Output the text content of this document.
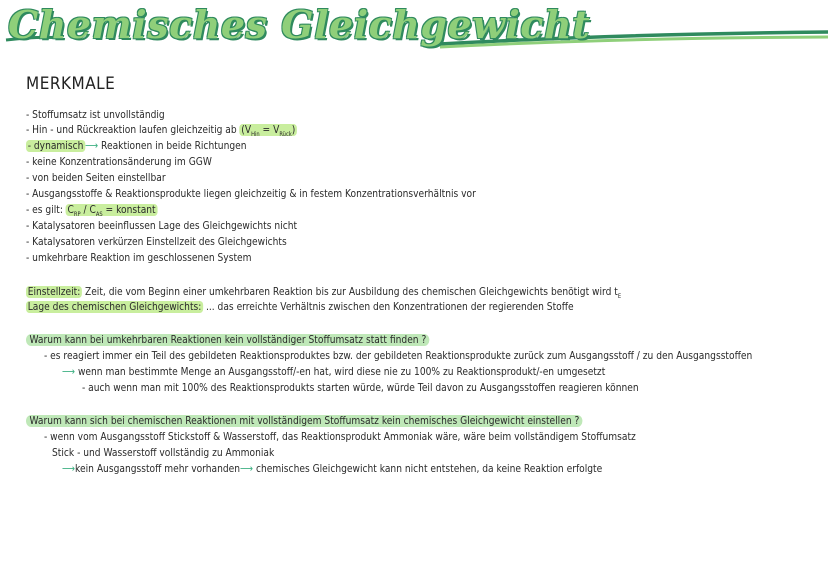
Chemisches Gleichgewicht
MERKMALE
- Stoffumsatz ist unvollständig
- Hin - und Rückreaktion laufen gleichzeitig ab $(V_{Hin} = V_{Rück})$
- dynamisch ⟶ Reaktionen in beide Richtungen
- keine Konzentrationsänderung im GGW
- von beiden Seiten einstellbar
- Ausgangsstoffe & Reaktionsprodukte liegen gleichzeitig & in festem Konzentrationsverhältnis vor
- es gilt: $C_{RP} / C_{AS}$ = konstant
- Katalysatoren beeinflussen Lage des Gleichgewichts nicht
- Katalysatoren verkürzen Einstellzeit des Gleichgewichts
- umkehrbare Reaktion im geschlossenen System
Einstellzeit: Zeit, die vom Beginn einer umkehrbaren Reaktion bis zur Ausbildung des chemischen Gleichgewichts benötigt wird $t_E$
Lage des chemischen Gleichgewichts: ... das erreichte Verhältnis zwischen den Konzentrationen der regierenden Stoffe
Warum kann bei umkehrbaren Reaktionen kein vollständiger Stoffumsatz statt finden ?
- es reagiert immer ein Teil des gebildeten Reaktionsproduktes bzw. der gebildeten Reaktionsprodukte zurück zum Ausgangsstoff / zu den Ausgangsstoffen
⟶ wenn man bestimmte Menge an Ausgangsstoff/-en hat, wird diese nie zu 100% zu Reaktionsprodukt/-en umgesetzt
- auch wenn man mit 100% des Reaktionsprodukts starten würde, würde Teil davon zu Ausgangsstoffen reagieren können
Warum kann sich bei chemischen Reaktionen mit vollständigem Stoffumsatz kein chemisches Gleichgewicht einstellen ?
- wenn vom Ausgangsstoff Stickstoff & Wasserstoff, das Reaktionsprodukt Ammoniak wäre, wäre beim vollständigem Stoffumsatz
Stick - und Wasserstoff vollständig zu Ammoniak
⟶kein Ausgangsstoff mehr vorhanden⟶ chemisches Gleichgewicht kann nicht entstehen, da keine Reaktion erfolgte
